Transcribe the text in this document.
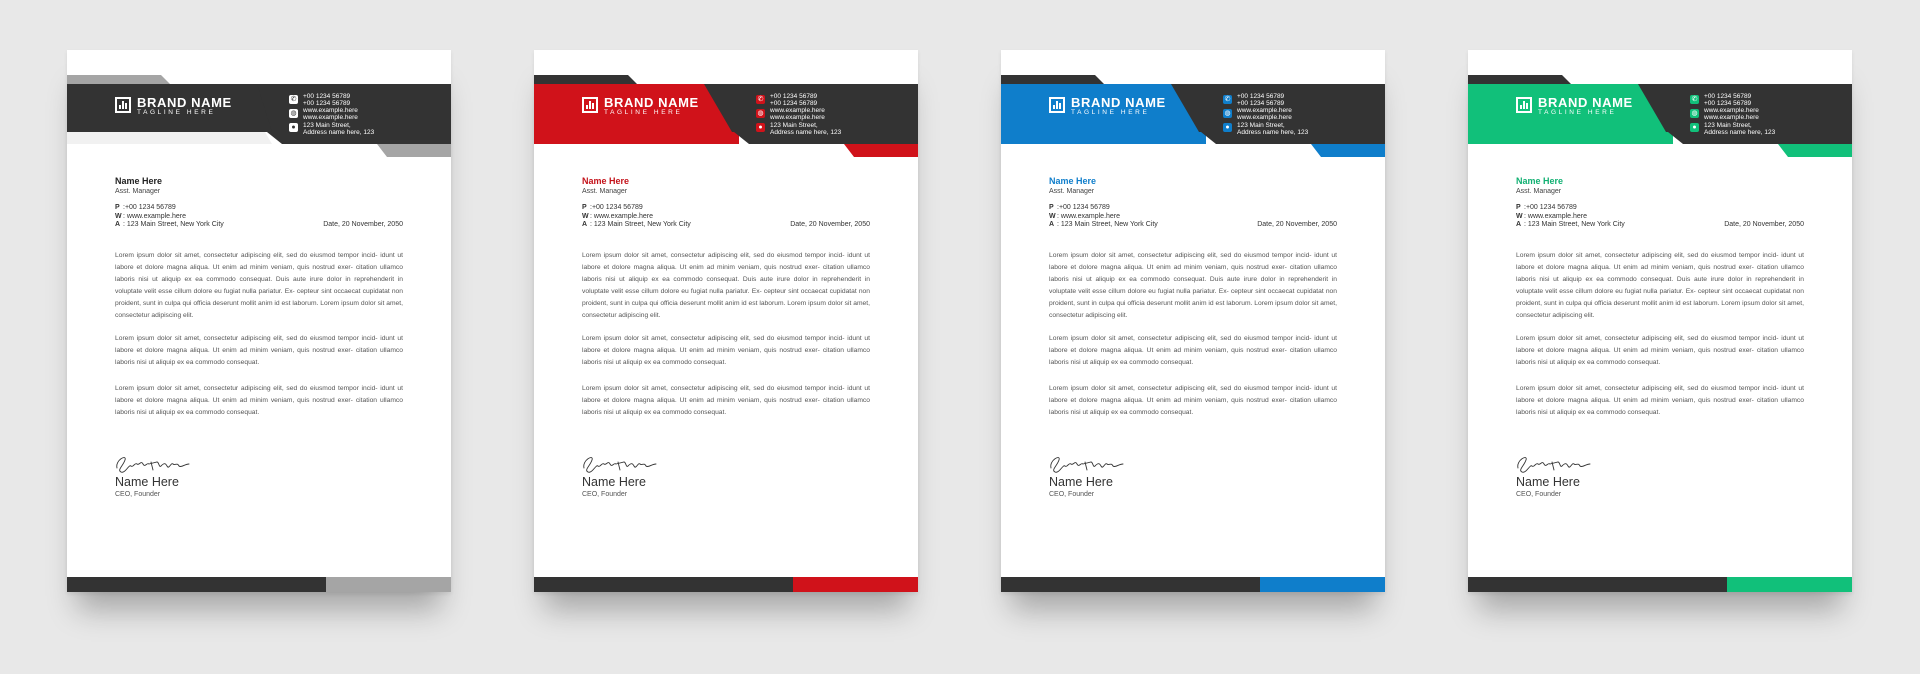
BRAND NAME
TAGLINE HERE
✆
◍
●
+00 1234 56789
+00 1234 56789
www.example.here
www.example.here
123 Main Street,
Address name here, 123
Name Here
Asst. Manager
P :+00 1234 56789
W: www.example.here
A : 123 Main Street, New York City	Date, 20 November, 2050

Lorem ipsum dolor sit amet, consectetur adipiscing elit, sed do eiusmod tempor incid- idunt ut labore et dolore magna aliqua. Ut enim ad minim veniam, quis nostrud exer- citation ullamco laboris nisi ut aliquip ex ea commodo consequat. Duis aute irure dolor in reprehenderit in voluptate velit esse cillum dolore eu fugiat nulla pariatur. Ex- cepteur sint occaecat cupidatat non proident, sunt in culpa qui officia deserunt mollit anim id est laborum. Lorem ipsum dolor sit amet, consectetur adipiscing elit.

Lorem ipsum dolor sit amet, consectetur adipiscing elit, sed do eiusmod tempor incid- idunt ut labore et dolore magna aliqua. Ut enim ad minim veniam, quis nostrud exer- citation ullamco laboris nisi ut aliquip ex ea commodo consequat.

Lorem ipsum dolor sit amet, consectetur adipiscing elit, sed do eiusmod tempor incid- idunt ut labore et dolore magna aliqua. Ut enim ad minim veniam, quis nostrud exer- citation ullamco laboris nisi ut aliquip ex ea commodo consequat.

Name Here
CEO, Founder
BRAND NAME
TAGLINE HERE
✆
◍
●
+00 1234 56789
+00 1234 56789
www.example.here
www.example.here
123 Main Street,
Address name here, 123
Name Here
Asst. Manager
P :+00 1234 56789
W: www.example.here
A : 123 Main Street, New York City	Date, 20 November, 2050

Lorem ipsum dolor sit amet, consectetur adipiscing elit, sed do eiusmod tempor incid- idunt ut labore et dolore magna aliqua. Ut enim ad minim veniam, quis nostrud exer- citation ullamco laboris nisi ut aliquip ex ea commodo consequat. Duis aute irure dolor in reprehenderit in voluptate velit esse cillum dolore eu fugiat nulla pariatur. Ex- cepteur sint occaecat cupidatat non proident, sunt in culpa qui officia deserunt mollit anim id est laborum. Lorem ipsum dolor sit amet, consectetur adipiscing elit.

Lorem ipsum dolor sit amet, consectetur adipiscing elit, sed do eiusmod tempor incid- idunt ut labore et dolore magna aliqua. Ut enim ad minim veniam, quis nostrud exer- citation ullamco laboris nisi ut aliquip ex ea commodo consequat.

Lorem ipsum dolor sit amet, consectetur adipiscing elit, sed do eiusmod tempor incid- idunt ut labore et dolore magna aliqua. Ut enim ad minim veniam, quis nostrud exer- citation ullamco laboris nisi ut aliquip ex ea commodo consequat.

Name Here
CEO, Founder
BRAND NAME
TAGLINE HERE
✆
◍
●
+00 1234 56789
+00 1234 56789
www.example.here
www.example.here
123 Main Street,
Address name here, 123
Name Here
Asst. Manager
P :+00 1234 56789
W: www.example.here
A : 123 Main Street, New York City	Date, 20 November, 2050

Lorem ipsum dolor sit amet, consectetur adipiscing elit, sed do eiusmod tempor incid- idunt ut labore et dolore magna aliqua. Ut enim ad minim veniam, quis nostrud exer- citation ullamco laboris nisi ut aliquip ex ea commodo consequat. Duis aute irure dolor in reprehenderit in voluptate velit esse cillum dolore eu fugiat nulla pariatur. Ex- cepteur sint occaecat cupidatat non proident, sunt in culpa qui officia deserunt mollit anim id est laborum. Lorem ipsum dolor sit amet, consectetur adipiscing elit.

Lorem ipsum dolor sit amet, consectetur adipiscing elit, sed do eiusmod tempor incid- idunt ut labore et dolore magna aliqua. Ut enim ad minim veniam, quis nostrud exer- citation ullamco laboris nisi ut aliquip ex ea commodo consequat.

Lorem ipsum dolor sit amet, consectetur adipiscing elit, sed do eiusmod tempor incid- idunt ut labore et dolore magna aliqua. Ut enim ad minim veniam, quis nostrud exer- citation ullamco laboris nisi ut aliquip ex ea commodo consequat.

Name Here
CEO, Founder
BRAND NAME
TAGLINE HERE
✆
◍
●
+00 1234 56789
+00 1234 56789
www.example.here
www.example.here
123 Main Street,
Address name here, 123
Name Here
Asst. Manager
P :+00 1234 56789
W: www.example.here
A : 123 Main Street, New York City	Date, 20 November, 2050

Lorem ipsum dolor sit amet, consectetur adipiscing elit, sed do eiusmod tempor incid- idunt ut labore et dolore magna aliqua. Ut enim ad minim veniam, quis nostrud exer- citation ullamco laboris nisi ut aliquip ex ea commodo consequat. Duis aute irure dolor in reprehenderit in voluptate velit esse cillum dolore eu fugiat nulla pariatur. Ex- cepteur sint occaecat cupidatat non proident, sunt in culpa qui officia deserunt mollit anim id est laborum. Lorem ipsum dolor sit amet, consectetur adipiscing elit.

Lorem ipsum dolor sit amet, consectetur adipiscing elit, sed do eiusmod tempor incid- idunt ut labore et dolore magna aliqua. Ut enim ad minim veniam, quis nostrud exer- citation ullamco laboris nisi ut aliquip ex ea commodo consequat.

Lorem ipsum dolor sit amet, consectetur adipiscing elit, sed do eiusmod tempor incid- idunt ut labore et dolore magna aliqua. Ut enim ad minim veniam, quis nostrud exer- citation ullamco laboris nisi ut aliquip ex ea commodo consequat.

Name Here
CEO, Founder
